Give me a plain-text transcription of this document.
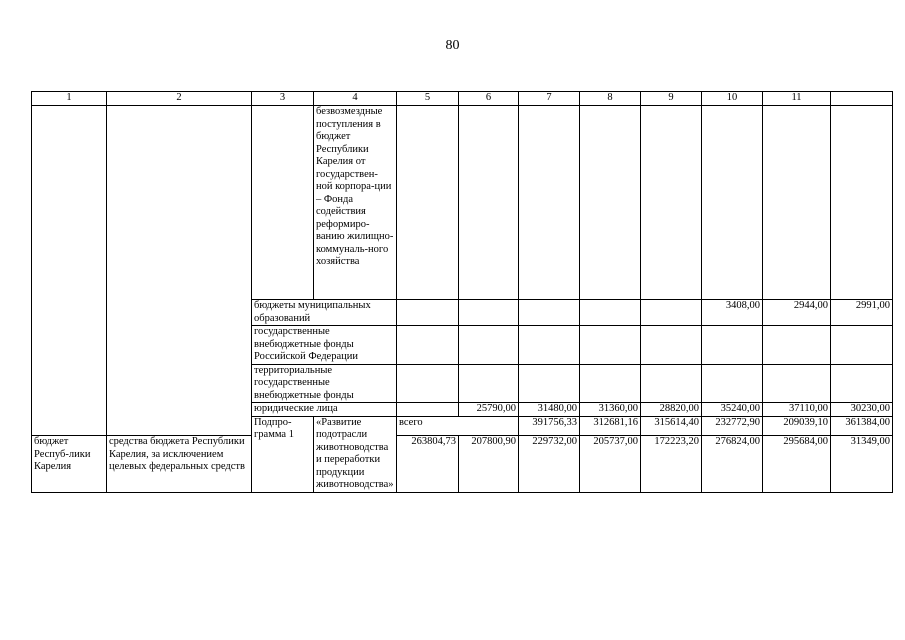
80
1	2	3	4	5	6	7	8	9	10	11		
			безвозмездные поступления в бюджет Республики Карелия от государствен-ной корпора-ции – Фонда содействия реформиро-ванию жилищно-коммуналь-ного хозяйства									
		бюджеты муниципальных образований							3408,00	2944,00	2991,00	
		государственные внебюджетные фонды Российской Федерации										
		территориальные государственные внебюджетные фонды										
		юридические лица			25790,00	31480,00	31360,00	28820,00	35240,00	37110,00	30230,00	
		Подпро-грамма 1	«Развитие подотрасли животноводства и переработки продукции животноводства»	всего		391756,33	312681,16	315614,40	232772,90	209039,10	361384,00		
бюджет Респуб-лики Карелия	средства бюджета Республики Карелия, за исключением целевых федеральных средств			263804,73	207800,90	229732,00	205737,00	172223,20	276824,00	295684,00	31349,00	
